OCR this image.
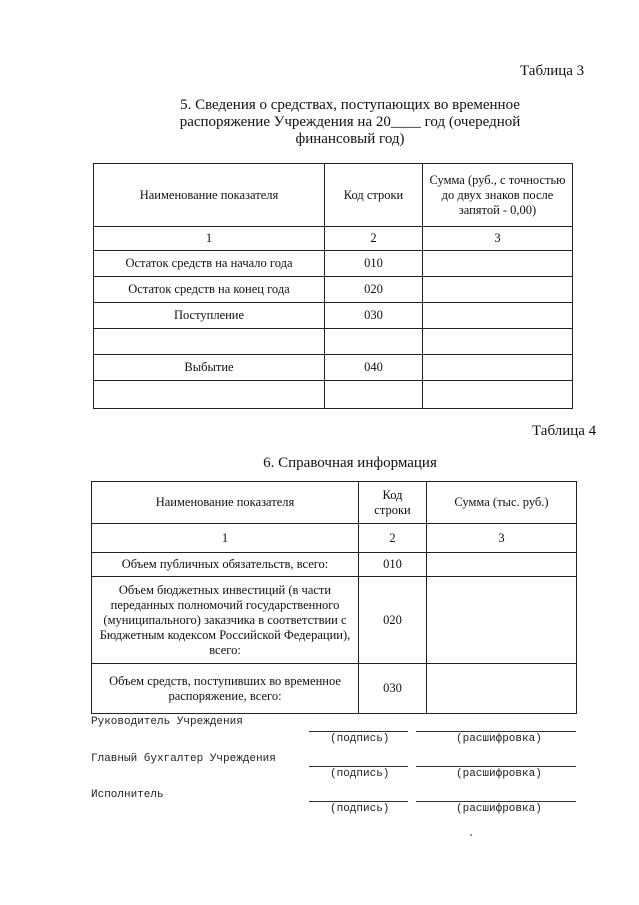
Таблица 3
5. Сведения о средствах, поступающих во временное
распоряжение Учреждения на 20____ год (очередной
финансовый год)
Наименование показателя	Код строки	Сумма (руб., с точностью до двух знаков после запятой - 0,00)
1	2	3
Остаток средств на начало года	010	
Остаток средств на конец года	020	
Поступление	030	

Выбытие	040	

Таблица 4
6. Справочная информация
Наименование показателя	Код строки	Сумма (тыс. руб.)
1	2	3
Объем публичных обязательств, всего:	010	
Объем бюджетных инвестиций (в части переданных полномочий государственного (муниципального) заказчика в соответствии с Бюджетным кодексом Российской Федерации), всего:	020	
Объем средств, поступивших во временное распоряжение, всего:	030	
Руководитель Учреждения
(подпись)	(расшифровка)
Главный бухгалтер Учреждения
(подпись)	(расшифровка)
Исполнитель
(подпись)	(расшифровка)
